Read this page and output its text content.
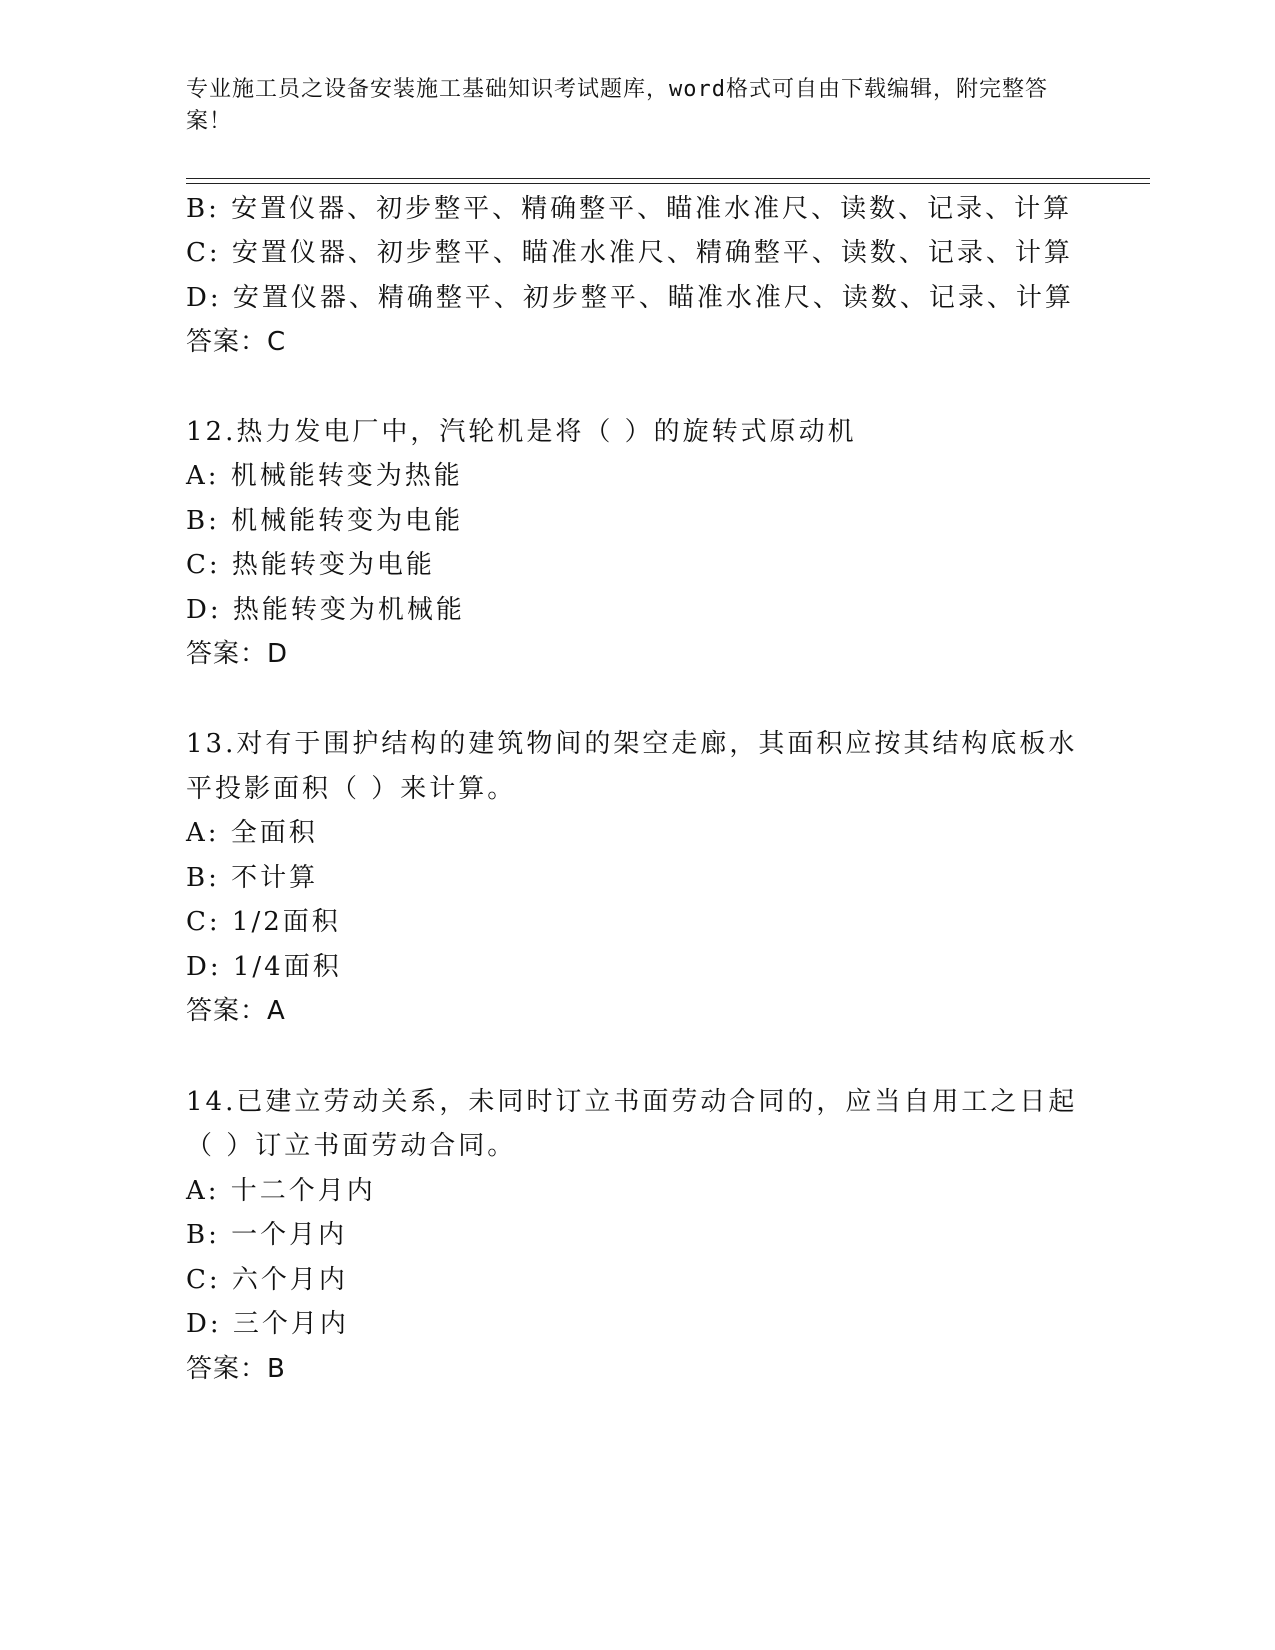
专业施工员之设备安装施工基础知识考试题库，word格式可自由下载编辑，附完整答案！
B: 安置仪器、初步整平、精确整平、瞄准水准尺、读数、记录、计算
C: 安置仪器、初步整平、瞄准水准尺、精确整平、读数、记录、计算
D: 安置仪器、精确整平、初步整平、瞄准水准尺、读数、记录、计算
答案：C
12.热力发电厂中，汽轮机是将（ ）的旋转式原动机
A: 机械能转变为热能
B: 机械能转变为电能
C: 热能转变为电能
D: 热能转变为机械能
答案：D
13.对有于围护结构的建筑物间的架空走廊，其面积应按其结构底板水
平投影面积（ ）来计算。
A: 全面积
B: 不计算
C: 1/2面积
D: 1/4面积
答案：A
14.已建立劳动关系，未同时订立书面劳动合同的，应当自用工之日起
（ ）订立书面劳动合同。
A: 十二个月内
B: 一个月内
C: 六个月内
D: 三个月内
答案：B
